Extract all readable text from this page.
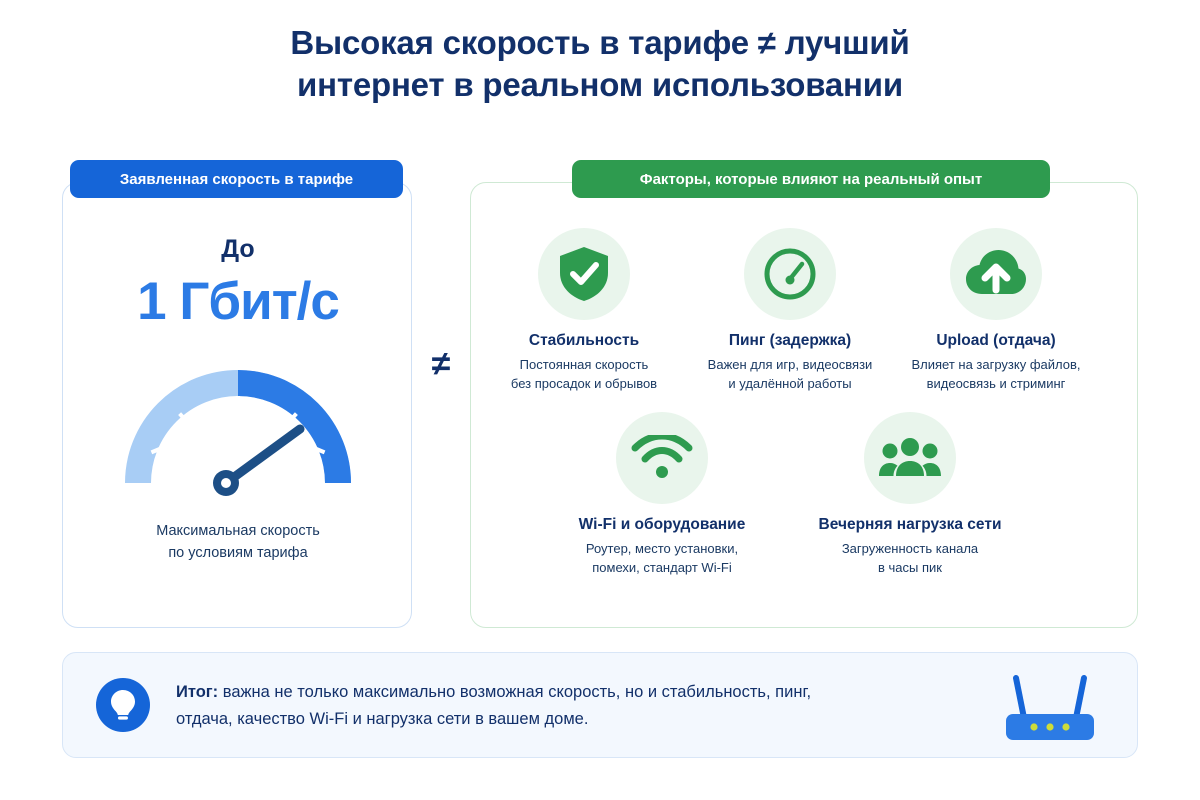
Высокая скорость в тарифе ≠ лучший
интернет в реальном использовании
До
1 Гбит/с
Максимальная скорость
по условиям тарифа
Заявленная скорость в тарифе
≠
Факторы, которые влияют на реальный опыт
Стабильность
Постоянная скорость
без просадок и обрывов
Пинг (задержка)
Важен для игр, видеосвязи
и удалённой работы
Upload (отдача)
Влияет на загрузку файлов,
видеосвязь и стриминг
Wi-Fi и оборудование
Роутер, место установки,
помехи, стандарт Wi-Fi
Вечерняя нагрузка сети
Загруженность канала
в часы пик
Итог: важна не только максимально возможная скорость, но и стабильность, пинг,
отдача, качество Wi-Fi и нагрузка сети в вашем доме.
